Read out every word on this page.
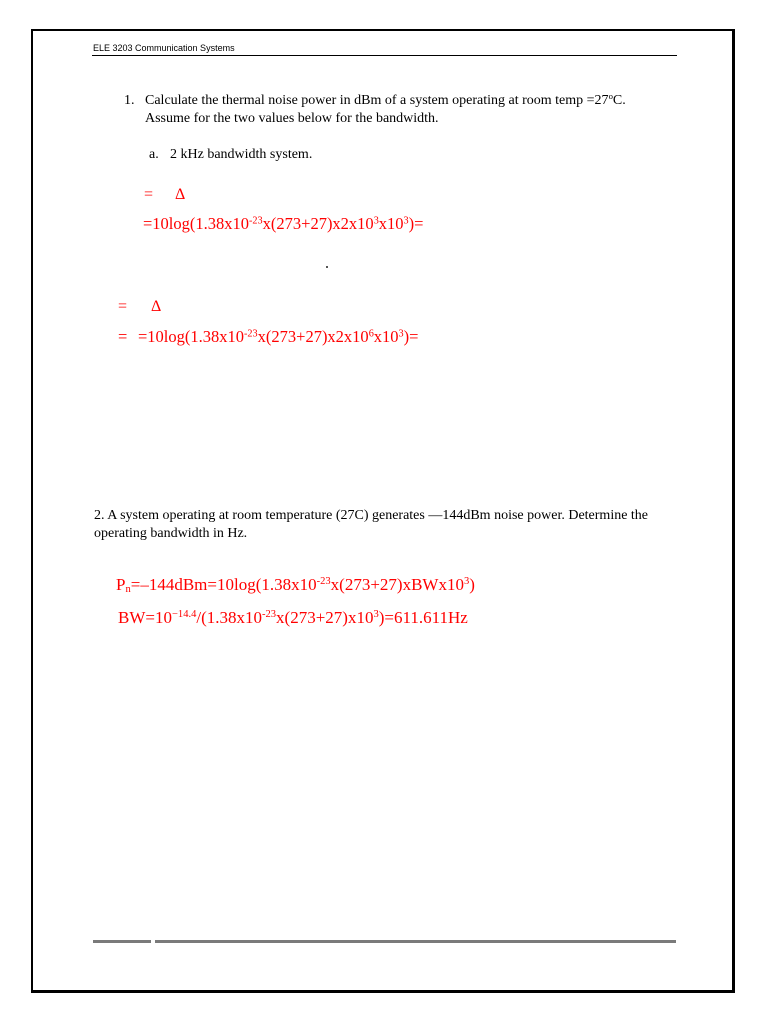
ELE 3203 Communication Systems
1. Calculate the thermal noise power in dBm of a system operating at room temp $=27^oC$.
Assume for the two values below for the bandwidth.
a. 2 kHz bandwidth system.
= Δ
$=10\log(1.38x10^{-23}x(273+27)x2x10^3x10^3)=$
= Δ
= $=10\log(1.38x10^{-23}x(273+27)x2x10^6x10^3)=$
2. A system operating at room temperature (27C) generates —144dBm noise power. Determine the
operating bandwidth in Hz.
$P_n=-144dBm=10\log(1.38x10^{-23}x(273+27)xBWx10^3)$
$BW=10^{-14.4}/(1.38x10^{-23}x(273+27)x10^3)=611.611Hz$
